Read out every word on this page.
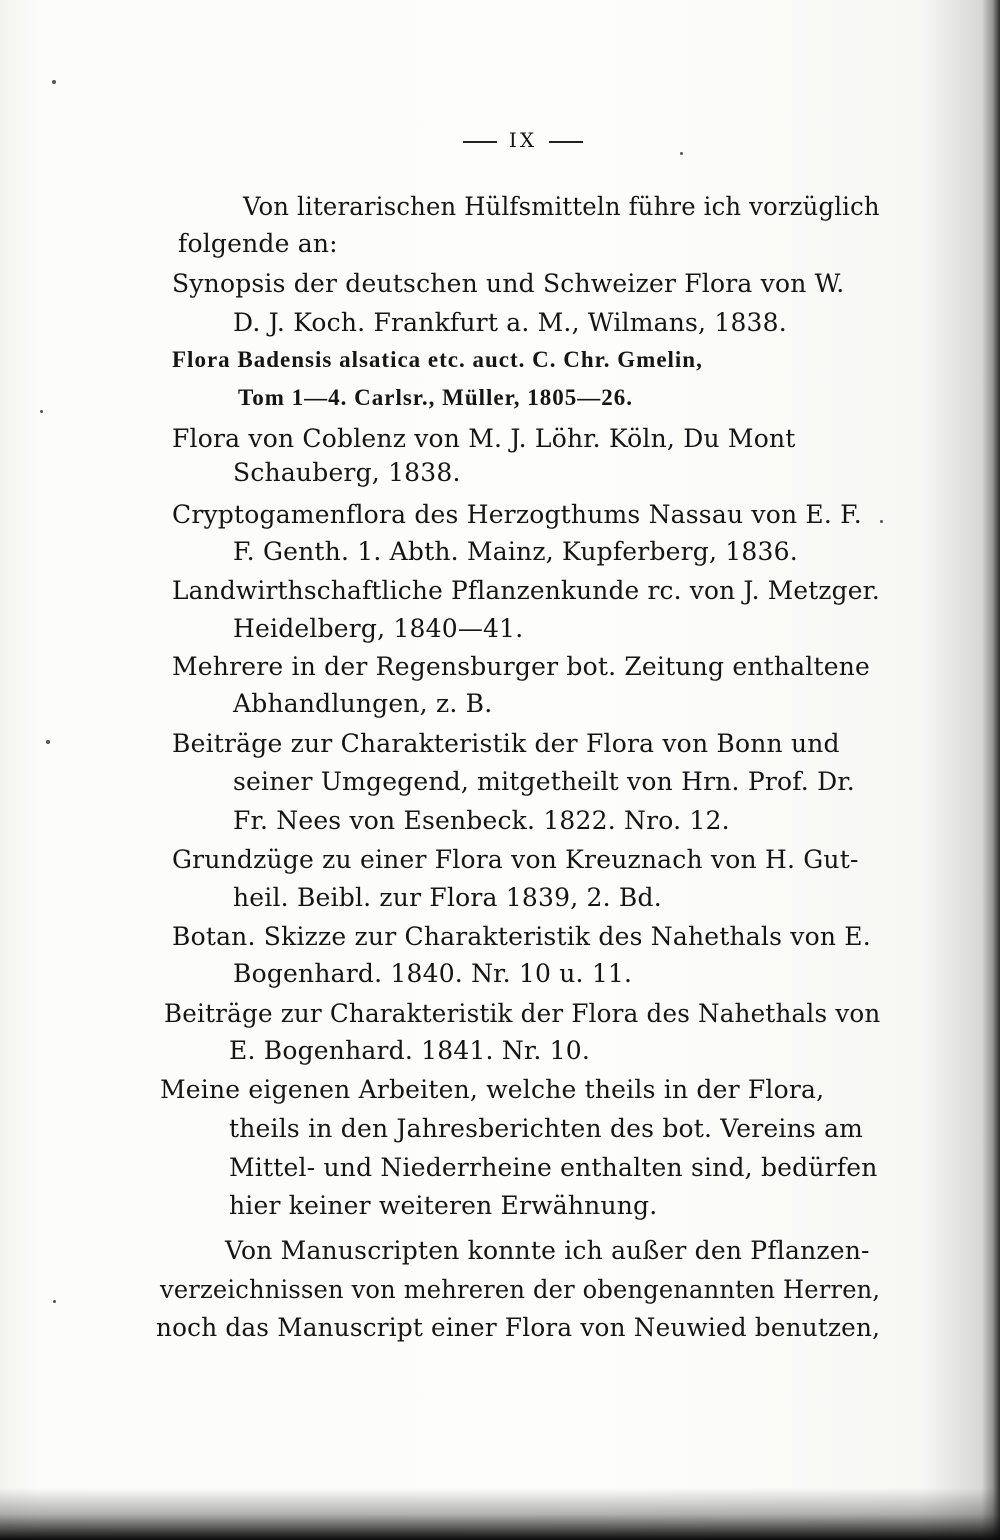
IX
Von literarischen Hülfsmitteln führe ich vorzüglich
folgende an:
Synopsis der deutschen und Schweizer Flora von W.
D. J. Koch. Frankfurt a. M., Wilmans, 1838.
Flora Badensis alsatica etc. auct. C. Chr. Gmelin,
Tom 1—4. Carlsr., Müller, 1805—26.
Flora von Coblenz von M. J. Löhr. Köln, Du Mont
Schauberg, 1838.
Cryptogamenflora des Herzogthums Nassau von E. F.
F. Genth. 1. Abth. Mainz, Kupferberg, 1836.
Landwirthschaftliche Pflanzenkunde rc. von J. Metzger.
Heidelberg, 1840—41.
Mehrere in der Regensburger bot. Zeitung enthaltene
Abhandlungen, z. B.
Beiträge zur Charakteristik der Flora von Bonn und
seiner Umgegend, mitgetheilt von Hrn. Prof. Dr.
Fr. Nees von Esenbeck. 1822. Nro. 12.
Grundzüge zu einer Flora von Kreuznach von H. Gut-
heil. Beibl. zur Flora 1839, 2. Bd.
Botan. Skizze zur Charakteristik des Nahethals von E.
Bogenhard. 1840. Nr. 10 u. 11.
Beiträge zur Charakteristik der Flora des Nahethals von
E. Bogenhard. 1841. Nr. 10.
Meine eigenen Arbeiten, welche theils in der Flora,
theils in den Jahresberichten des bot. Vereins am
Mittel- und Niederrheine enthalten sind, bedürfen
hier keiner weiteren Erwähnung.
Von Manuscripten konnte ich außer den Pflanzen-
verzeichnissen von mehreren der obengenannten Herren,
noch das Manuscript einer Flora von Neuwied benutzen,
